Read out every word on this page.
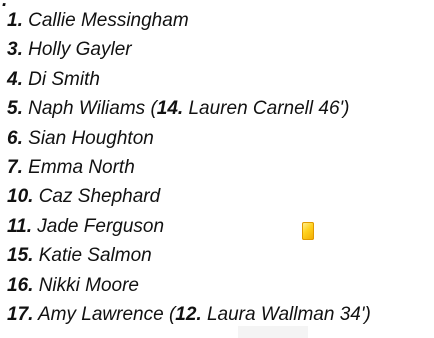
.
1. Callie Messingham
3. Holly Gayler
4. Di Smith
5. Naph Wiliams (14. Lauren Carnell 46')
6. Sian Houghton
7. Emma North
10. Caz Shephard
11. Jade Ferguson
15. Katie Salmon
16. Nikki Moore
17. Amy Lawrence (12. Laura Wallman 34')
